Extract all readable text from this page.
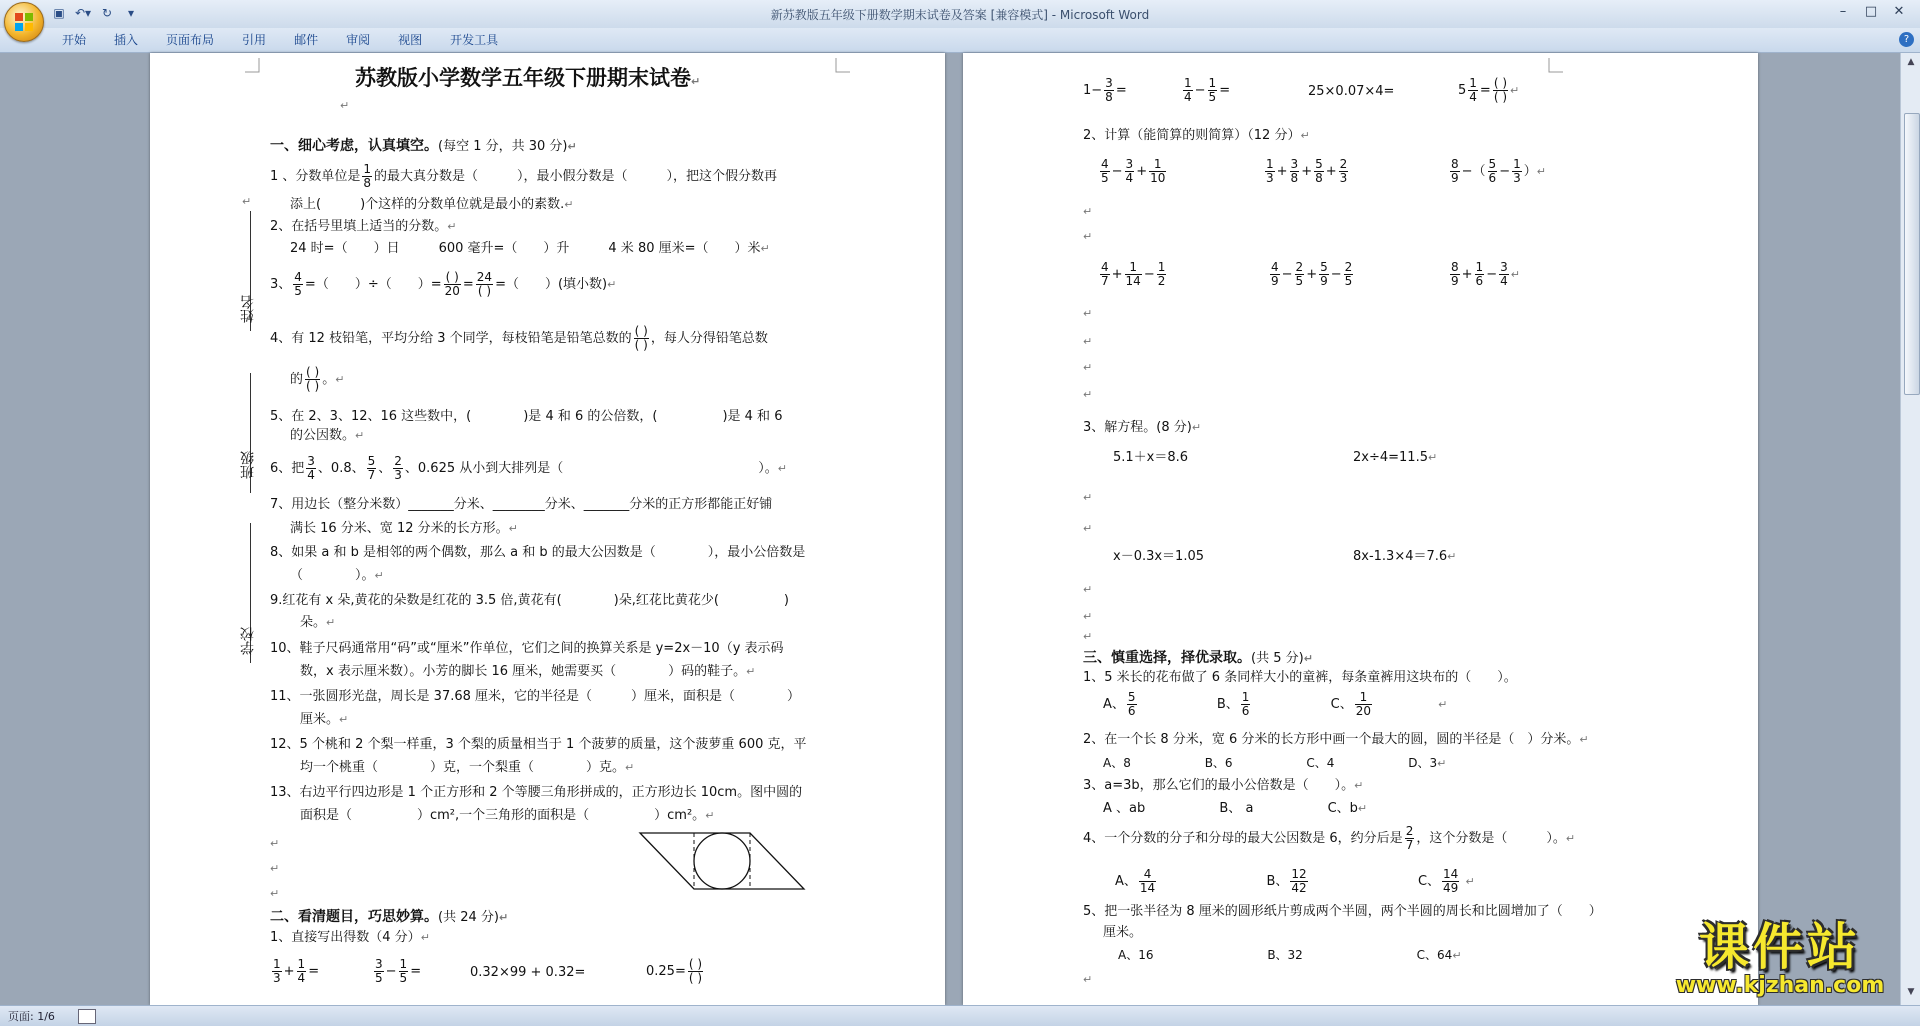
▣ ↶▾ ↻	▾	新苏教版五年级下册数学期末试卷及答案 [兼容模式] - Microsoft Word	–	□	✕
开始	插入	页面布局	引用	邮件	审阅	视图	开发工具	?
苏教版小学数学五年级下册期末试卷↵
↵
↵
姓名
班级
学校
一、细心考虑，认真填空。(每空 1 分，共 30 分)↵
1 、分数单位是 $\frac{1}{8}$ 的最大真分数是（　　　），最小假分数是（　　　），把这个假分数再
添上(　　　)个这样的分数单位就是最小的素数.↵
2、在括号里填上适当的分数。↵
24 时=（　　）日　　　600 毫升=（　　）升　　　4 米 80 厘米=（　　）米↵
3、 $\frac{4}{5}$ =（　　）÷（　　）= $\frac{( )}{20} = \frac{24}{( )}$ =（　　）(填小数)↵
4、有 12 枝铅笔，平均分给 3 个同学，每枝铅笔是铅笔总数的 $\frac{( )}{( )}$ ，每人分得铅笔总数
的 $\frac{( )}{( )}$ 。↵
5、在 2、3、12、16 这些数中，(　　　　)是 4 和 6 的公倍数，(　　　　　)是 4 和 6
的公因数。↵
6、把 $\frac{3}{4}$ 、0.8、 $\frac{5}{7}$ 、 $\frac{2}{3}$ 、0.625 从小到大排列是（　　　　　　　　　　　　　　　）。↵
7、用边长（整分米数）_______分米、________分米、_______分米的正方形都能正好铺
满长 16 分米、宽 12 分米的长方形。↵
8、如果 a 和 b 是相邻的两个偶数，那么 a 和 b 的最大公因数是（　　　　），最小公倍数是
（　　　　）。↵
9.红花有 x 朵,黄花的朵数是红花的 3.5 倍,黄花有(　　　　)朵,红花比黄花少(　　　　　)
朵。↵
10、鞋子尺码通常用“码”或“厘米”作单位，它们之间的换算关系是 y=2x－10（y 表示码
数，x 表示厘米数）。小芳的脚长 16 厘米，她需要买（　　　　）码的鞋子。↵
11、一张圆形光盘，周长是 37.68 厘米，它的半径是（　　　）厘米，面积是（　　　　）
厘米。↵
12、5 个桃和 2 个梨一样重，3 个梨的质量相当于 1 个菠萝的质量，这个菠萝重 600 克，平
均一个桃重（　　　　）克，一个梨重（　　　　）克。↵
13、右边平行四边形是 1 个正方形和 2 个等腰三角形拼成的，正方形边长 10cm。图中圆的
面积是（　　　　　）cm²,一个三角形的面积是（　　　　　）cm²。↵
↵
↵
↵
二、看清题目，巧思妙算。(共 24 分)↵
1、直接写出得数（4 分）↵
$\frac{1}{3} + \frac{1}{4}$ =	$\frac{3}{5} - \frac{1}{5}$ =	0.32×99 + 0.32=	$0.25= \frac{( )}{( )}$
$1- \frac{3}{8}$ =	$\frac{1}{4} - \frac{1}{5}$ =	25×0.07×4=	$5 \frac{1}{4} = \frac{( )}{( )}$ ↵
2、计算（能简算的则简算）（12 分）↵
$\frac{4}{5} - \frac{3}{4} + \frac{1}{10}$	$\frac{1}{3} + \frac{3}{8} + \frac{5}{8} + \frac{2}{3}$	$\frac{8}{9}$ −（ $\frac{5}{6} - \frac{1}{3}$ ）↵
↵
↵
$\frac{4}{7} + \frac{1}{14} - \frac{1}{2}$	$\frac{4}{9} - \frac{2}{5} + \frac{5}{9} - \frac{2}{5}$	$\frac{8}{9} + \frac{1}{6} - \frac{3}{4}$ ↵
↵
↵
↵
↵
3、解方程。(8 分)↵
5.1＋x＝8.6	2x÷4=11.5↵
↵
↵
x－0.3x＝1.05	8x-1.3×4＝7.6↵
↵
↵
↵
三、慎重选择，择优录取。(共 5 分)↵
1、5 米长的花布做了 6 条同样大小的童裤，每条童裤用这块布的（　　）。
A、 $\frac{5}{6}$	B、 $\frac{1}{6}$	C、 $\frac{1}{20}$	↵
2、在一个长 8 分米，宽 6 分米的长方形中画一个最大的圆，圆的半径是（　）分米。↵
A、8	B、6	C、4	D、3↵
3、a=3b，那么它们的最小公倍数是（　　）。↵
A 、ab	B、 a	C、b↵
4、一个分数的分子和分母的最大公因数是 6，约分后是 $\frac{2}{7}$ ，这个分数是（　　　）。↵
A、 $\frac{4}{14}$	B、 $\frac{12}{42}$	C、 $\frac{14}{49}$ ↵
5、把一张半径为 8 厘米的圆形纸片剪成两个半圆，两个半圆的周长和比圆增加了（　　）
厘米。
A、16	B、32	C、64↵
↵
▲
▼
页面: 1/6
课件站
www.kjzhan.com
